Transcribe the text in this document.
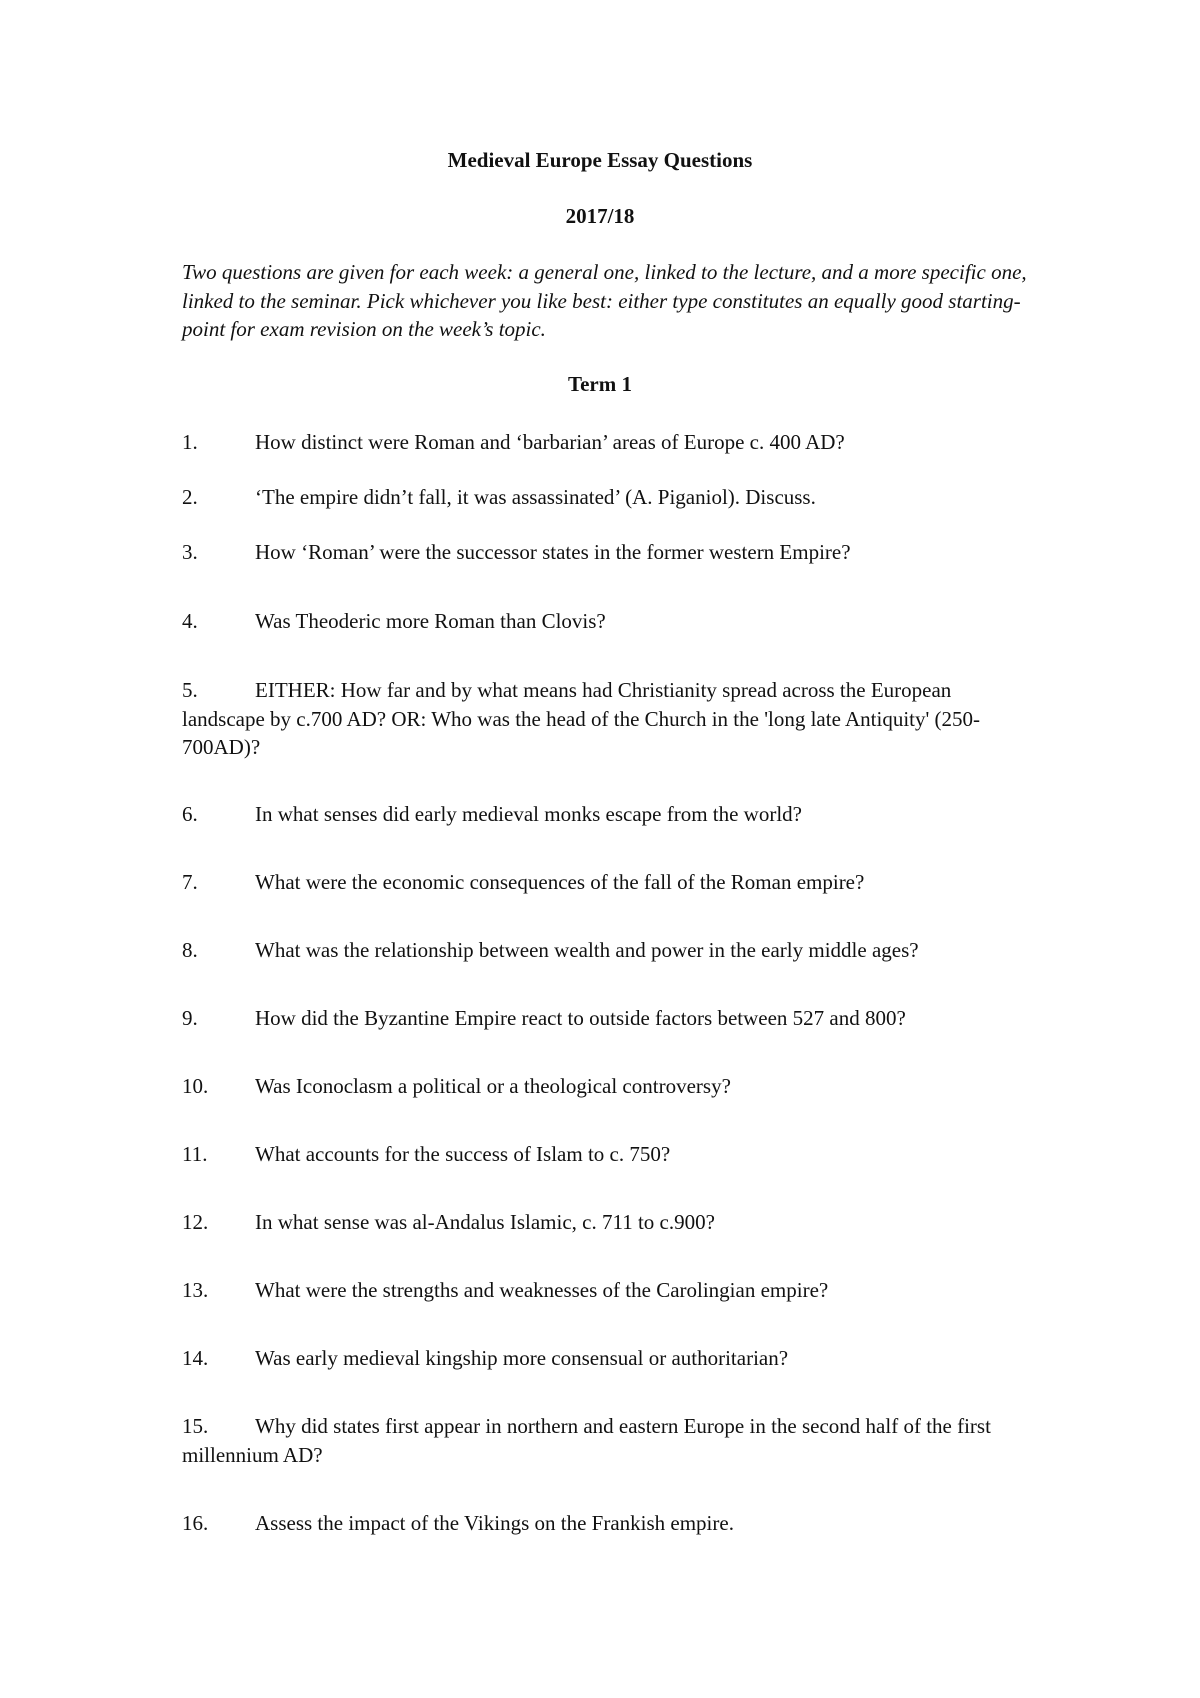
Medieval Europe Essay Questions
2017/18

Two questions are given for each week: a general one, linked to the lecture, and a more specific one, linked to the seminar. Pick whichever you like best: either type constitutes an equally good starting-point for exam revision on the week’s topic.

Term 1

1.	How distinct were Roman and ‘barbarian’ areas of Europe c. 400 AD?

2.	‘The empire didn’t fall, it was assassinated’ (A. Piganiol). Discuss.

3.	How ‘Roman’ were the successor states in the former western Empire?

4.	Was Theoderic more Roman than Clovis?

5.	EITHER: How far and by what means had Christianity spread across the European landscape by c.700 AD? OR: Who was the head of the Church in the 'long late Antiquity' (250-700AD)?

6.	In what senses did early medieval monks escape from the world?

7.	What were the economic consequences of the fall of the Roman empire?

8.	What was the relationship between wealth and power in the early middle ages?

9.	How did the Byzantine Empire react to outside factors between 527 and 800?

10. Was Iconoclasm a political or a theological controversy?

11. What accounts for the success of Islam to c. 750?

12. In what sense was al-Andalus Islamic, c. 711 to c.900?

13. What were the strengths and weaknesses of the Carolingian empire?

14. Was early medieval kingship more consensual or authoritarian?

15. Why did states first appear in northern and eastern Europe in the second half of the first millennium AD?

16. Assess the impact of the Vikings on the Frankish empire.
